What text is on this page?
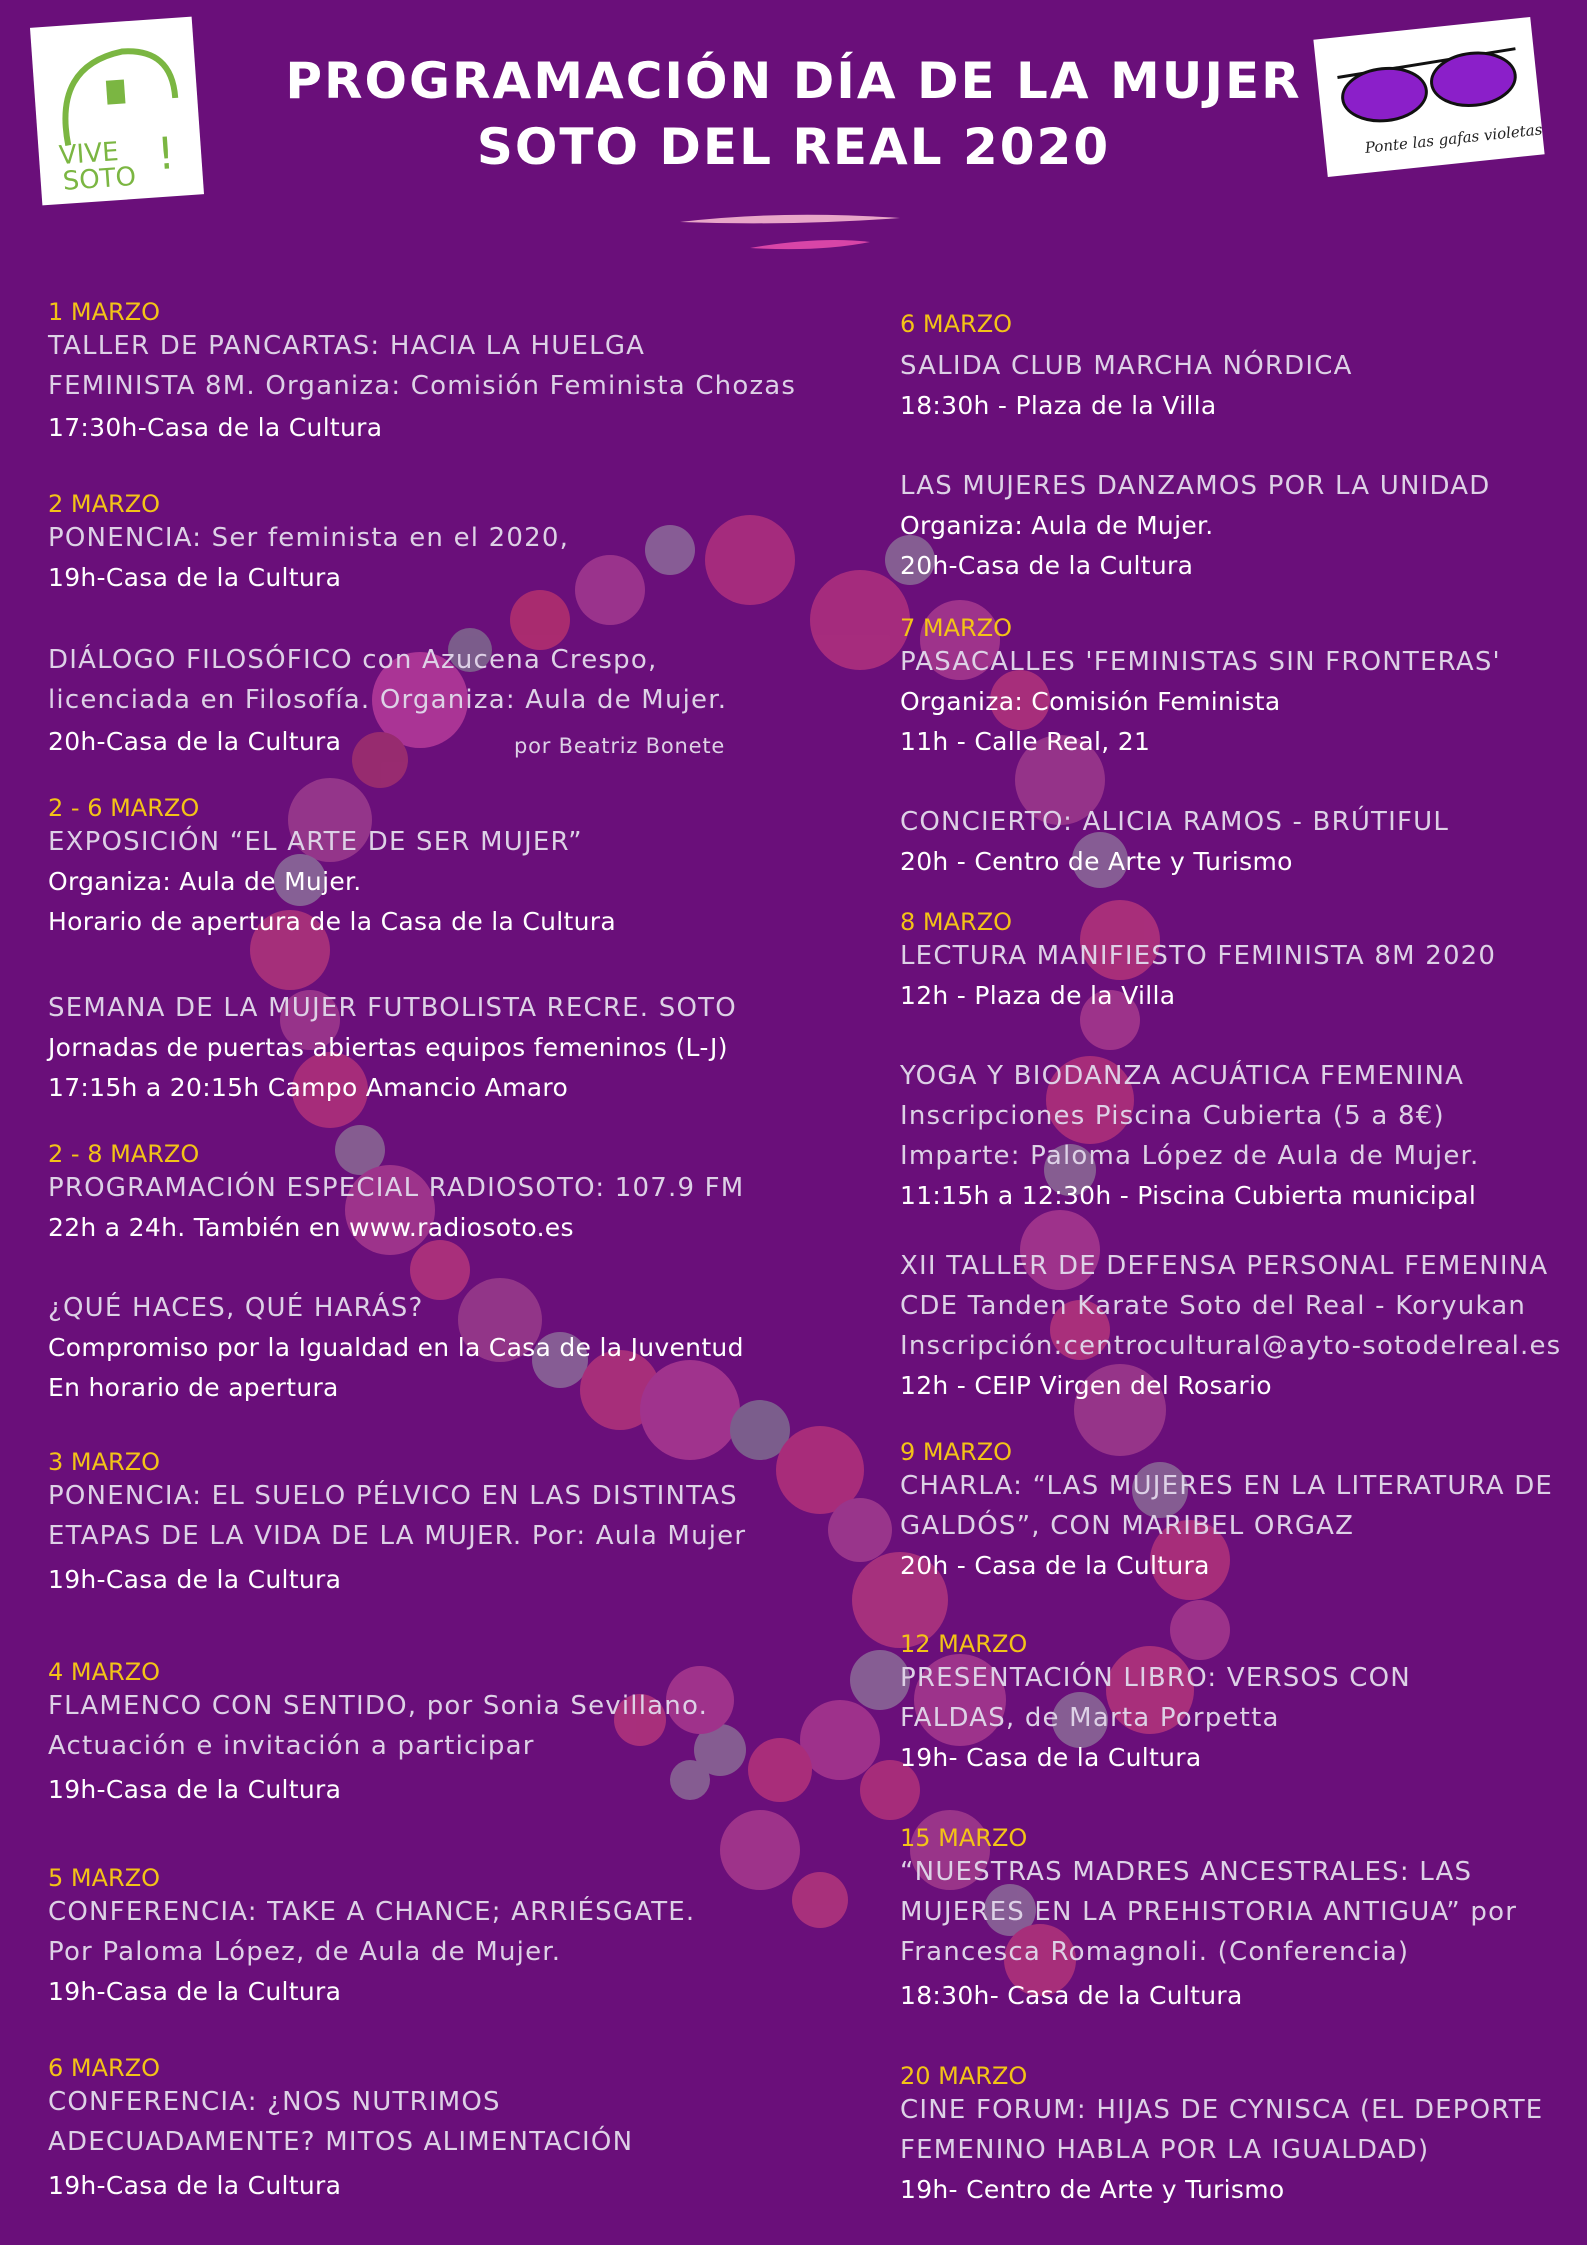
VIVE
SOTO !	Ponte las gafas violetas
PROGRAMACIÓN DÍA DE LA MUJER
SOTO DEL REAL 2020
1 MARZO
TALLER DE PANCARTAS: HACIA LA HUELGA
FEMINISTA 8M. Organiza: Comisión Feminista Chozas
17:30h-Casa de la Cultura
2 MARZO
PONENCIA: Ser feminista en el 2020,
19h-Casa de la Cultura
DIÁLOGO FILOSÓFICO con Azucena Crespo,
licenciada en Filosofía. Organiza: Aula de Mujer.
20h-Casa de la Cultura
2 - 6 MARZO
EXPOSICIÓN “EL ARTE DE SER MUJER”
Organiza: Aula de Mujer.
Horario de apertura de la Casa de la Cultura
SEMANA DE LA MUJER FUTBOLISTA RECRE. SOTO
Jornadas de puertas abiertas equipos femeninos (L-J)
17:15h a 20:15h Campo Amancio Amaro
2 - 8 MARZO
PROGRAMACIÓN ESPECIAL RADIOSOTO: 107.9 FM
22h a 24h. También en www.radiosoto.es
¿QUÉ HACES, QUÉ HARÁS?
Compromiso por la Igualdad en la Casa de la Juventud
En horario de apertura
3 MARZO
PONENCIA: EL SUELO PÉLVICO EN LAS DISTINTAS
ETAPAS DE LA VIDA DE LA MUJER. Por: Aula Mujer
19h-Casa de la Cultura
4 MARZO
FLAMENCO CON SENTIDO, por Sonia Sevillano.
Actuación e invitación a participar
19h-Casa de la Cultura
5 MARZO
CONFERENCIA: TAKE A CHANCE; ARRIÉSGATE.
Por Paloma López, de Aula de Mujer.
19h-Casa de la Cultura
6 MARZO
CONFERENCIA: ¿NOS NUTRIMOS
ADECUADAMENTE? MITOS ALIMENTACIÓN
19h-Casa de la Cultura
por Beatriz Bonete
6 MARZO
SALIDA CLUB MARCHA NÓRDICA
18:30h - Plaza de la Villa
LAS MUJERES DANZAMOS POR LA UNIDAD
Organiza: Aula de Mujer.
20h-Casa de la Cultura
7 MARZO
PASACALLES 'FEMINISTAS SIN FRONTERAS'
Organiza: Comisión Feminista
11h - Calle Real, 21
CONCIERTO: ALICIA RAMOS - BRÚTIFUL
20h - Centro de Arte y Turismo
8 MARZO
LECTURA MANIFIESTO FEMINISTA 8M 2020
12h - Plaza de la Villa
YOGA Y BIODANZA ACUÁTICA FEMENINA
Inscripciones Piscina Cubierta (5 a 8€)
Imparte: Paloma López de Aula de Mujer.
11:15h a 12:30h - Piscina Cubierta municipal
XII TALLER DE DEFENSA PERSONAL FEMENINA
CDE Tanden Karate Soto del Real - Koryukan
Inscripción:centrocultural@ayto-sotodelreal.es
12h - CEIP Virgen del Rosario
9 MARZO
CHARLA: “LAS MUJERES EN LA LITERATURA DE
GALDÓS”, CON MARIBEL ORGAZ
20h - Casa de la Cultura
12 MARZO
PRESENTACIÓN LIBRO: VERSOS CON
FALDAS, de Marta Porpetta
19h- Casa de la Cultura
15 MARZO
“NUESTRAS MADRES ANCESTRALES: LAS
MUJERES EN LA PREHISTORIA ANTIGUA” por
Francesca Romagnoli. (Conferencia)
18:30h- Casa de la Cultura
20 MARZO
CINE FORUM: HIJAS DE CYNISCA (EL DEPORTE
FEMENINO HABLA POR LA IGUALDAD)
19h- Centro de Arte y Turismo
